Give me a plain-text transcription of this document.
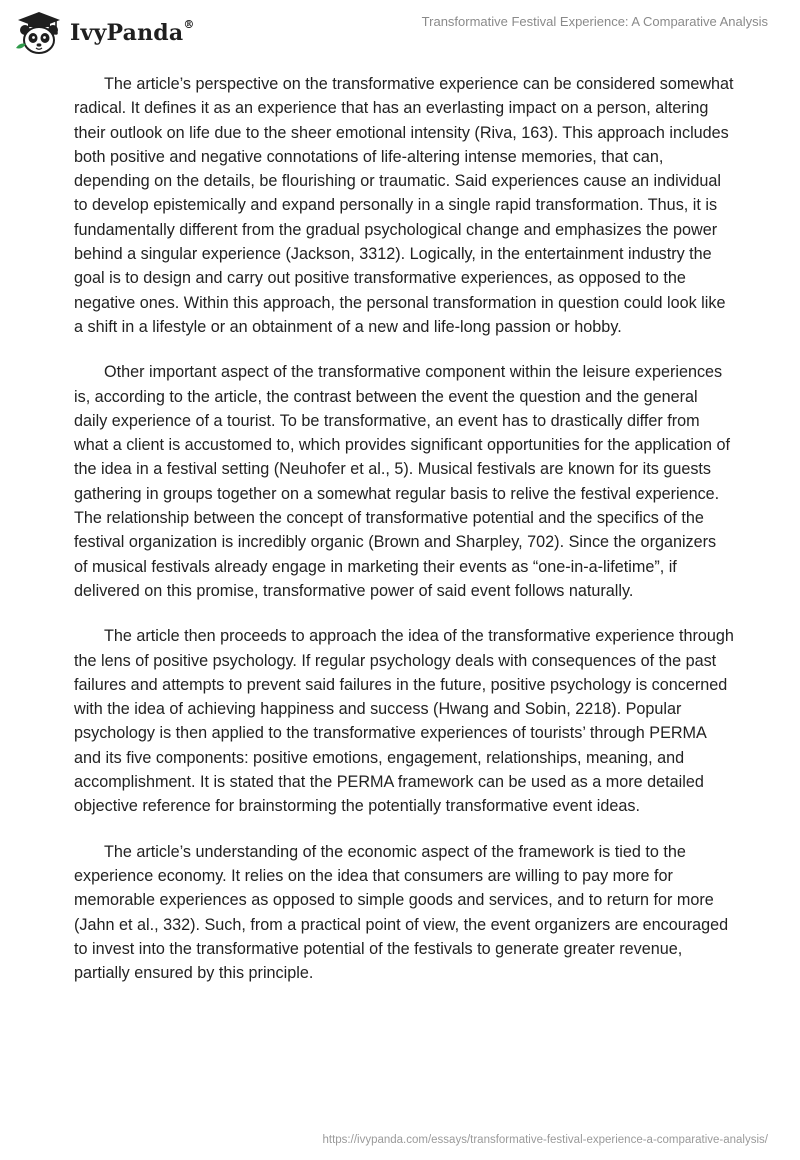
IvyPanda®	Transformative Festival Experience: A Comparative Analysis

The article’s perspective on the transformative experience can be considered somewhat radical. It defines it as an experience that has an everlasting impact on a person, altering their outlook on life due to the sheer emotional intensity (Riva, 163). This approach includes both positive and negative connotations of life-altering intense memories, that can, depending on the details, be flourishing or traumatic. Said experiences cause an individual to develop epistemically and expand personally in a single rapid transformation. Thus, it is fundamentally different from the gradual psychological change and emphasizes the power behind a singular experience (Jackson, 3312). Logically, in the entertainment industry the goal is to design and carry out positive transformative experiences, as opposed to the negative ones. Within this approach, the personal transformation in question could look like a shift in a lifestyle or an obtainment of a new and life-long passion or hobby.

Other important aspect of the transformative component within the leisure experiences is, according to the article, the contrast between the event the question and the general daily experience of a tourist. To be transformative, an event has to drastically differ from what a client is accustomed to, which provides significant opportunities for the application of the idea in a festival setting (Neuhofer et al., 5). Musical festivals are known for its guests gathering in groups together on a somewhat regular basis to relive the festival experience. The relationship between the concept of transformative potential and the specifics of the festival organization is incredibly organic (Brown and Sharpley, 702). Since the organizers of musical festivals already engage in marketing their events as “one-in-a-lifetime”, if delivered on this promise, transformative power of said event follows naturally.

The article then proceeds to approach the idea of the transformative experience through the lens of positive psychology. If regular psychology deals with consequences of the past failures and attempts to prevent said failures in the future, positive psychology is concerned with the idea of achieving happiness and success (Hwang and Sobin, 2218). Popular psychology is then applied to the transformative experiences of tourists’ through PERMA and its five components: positive emotions, engagement, relationships, meaning, and accomplishment. It is stated that the PERMA framework can be used as a more detailed objective reference for brainstorming the potentially transformative event ideas.

The article’s understanding of the economic aspect of the framework is tied to the experience economy. It relies on the idea that consumers are willing to pay more for memorable experiences as opposed to simple goods and services, and to return for more (Jahn et al., 332). Such, from a practical point of view, the event organizers are encouraged to invest into the transformative potential of the festivals to generate greater revenue, partially ensured by this principle.

https://ivypanda.com/essays/transformative-festival-experience-a-comparative-analysis/
